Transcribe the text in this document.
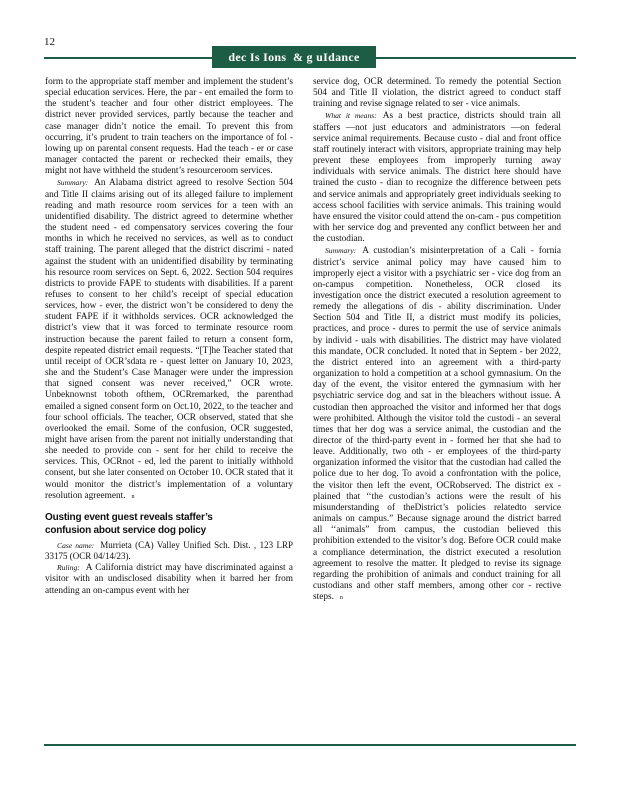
12
dec Is Ions  & g uIdance

form to the appropriate staff member and implement the student’s special education services. Here, the par - ent emailed the form to the student’s teacher and four other district employees. The district never provided services, partly because the teacher and case manager didn’t notice the email. To prevent this from occurring, it’s prudent to train teachers on the importance of fol - lowing up on parental consent requests. Had the teach - er or case manager contacted the parent or rechecked their emails, they might not have withheld the student’s resourceroom services.

Summary: An Alabama district agreed to resolve Section 504 and Title II claims arising out of its alleged failure to implement reading and math resource room services for a teen with an unidentified disability. The district agreed to determine whether the student need - ed compensatory services covering the four months in which he received no services, as well as to conduct staff training. The parent alleged that the district discrimi - nated against the student with an unidentified disability by terminating his resource room services on Sept. 6, 2022. Section 504 requires districts to provide FAPE to students with disabilities. If a parent refuses to consent to her child’s receipt of special education services, how - ever, the district won’t be considered to deny the student FAPE if it withholds services. OCR acknowledged the district’s view that it was forced to terminate resource room instruction because the parent failed to return a consent form, despite repeated district email requests. “[T]he Teacher stated that until receipt of OCR’sdata re - quest letter on January 10, 2023, she and the Student’s Case Manager were under the impression that signed consent was never received,” OCR wrote. Unbeknownst toboth ofthem, OCRremarked, the parenthad emailed a signed consent form on Oct.10, 2022, to the teacher and four school officials. The teacher, OCR observed, stated that she overlooked the email. Some of the confusion, OCR suggested, might have arisen from the parent not initially understanding that she needed to provide con - sent for her child to receive the services. This, OCRnot - ed, led the parent to initially withhold consent, but she later consented on October 10. OCR stated that it would monitor the district’s implementation of a voluntary resolution agreement. n

Ousting event guest reveals staffer’s
confusion about service dog policy

Case name: Murrieta (CA) Valley Unified Sch. Dist. , 123 LRP 33175 (OCR 04/14/23).

Ruling: A California district may have discriminated against a visitor with an undisclosed disability when it barred her from attending an on-campus event with her

service dog, OCR determined. To remedy the potential Section 504 and Title II violation, the district agreed to conduct staff training and revise signage related to ser - vice animals.

What it means: As a best practice, districts should train all staffers —not just educators and administrators —on federal service animal requirements. Because custo - dial and front office staff routinely interact with visitors, appropriate training may help prevent these employees from improperly turning away individuals with service animals. The district here should have trained the custo - dian to recognize the difference between pets and service animals and appropriately greet individuals seeking to access school facilities with service animals. This training would have ensured the visitor could attend the on-cam - pus competition with her service dog and prevented any conflict between her and the custodian.

Summary: A custodian’s misinterpretation of a Cali - fornia district’s service animal policy may have caused him to improperly eject a visitor with a psychiatric ser - vice dog from an on-campus competition. Nonetheless, OCR closed its investigation once the district executed a resolution agreement to remedy the allegations of dis - ability discrimination. Under Section 504 and Title II, a district must modify its policies, practices, and proce - dures to permit the use of service animals by individ - uals with disabilities. The district may have violated this mandate, OCR concluded. It noted that in Septem - ber 2022, the district entered into an agreement with a third-party organization to hold a competition at a school gymnasium. On the day of the event, the visitor entered the gymnasium with her psychiatric service dog and sat in the bleachers without issue. A custodian then approached the visitor and informed her that dogs were prohibited. Although the visitor told the custodi - an several times that her dog was a service animal, the custodian and the director of the third-party event in - formed her that she had to leave. Additionally, two oth - er employees of the third-party organization informed the visitor that the custodian had called the police due to her dog. To avoid a confrontation with the police, the visitor then left the event, OCRobserved. The district ex - plained that ‘‘the custodian’s actions were the result of his misunderstanding of theDistrict’s policies relatedto service animals on campus.” Because signage around the district barred all ‘‘animals” from campus, the custodian believed this prohibition extended to the visitor’s dog. Before OCR could make a compliance determination, the district executed a resolution agreement to resolve the matter. It pledged to revise its signage regarding the prohibition of animals and conduct training for all custodians and other staff members, among other cor - rective steps. n
